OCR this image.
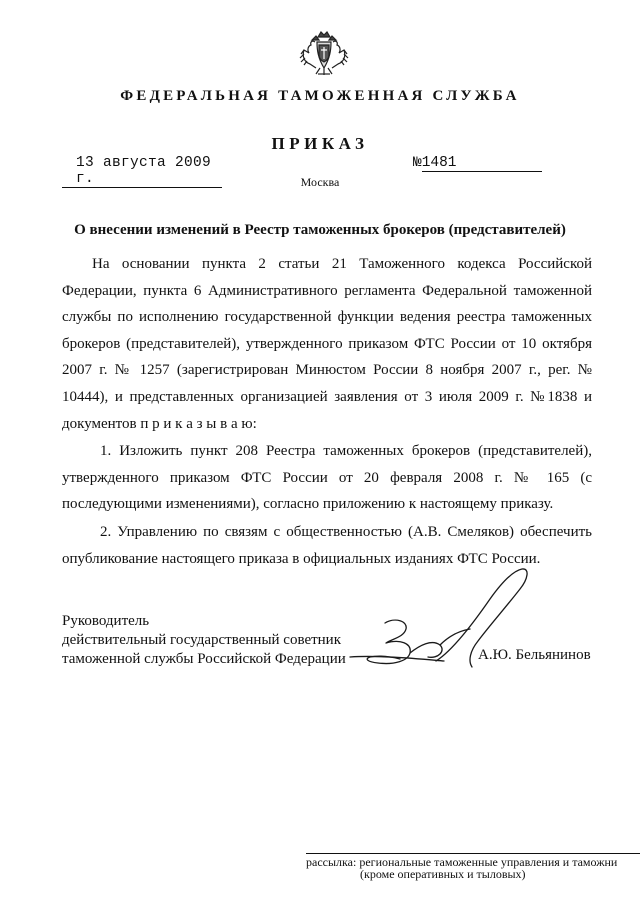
ФЕДЕРАЛЬНАЯ ТАМОЖЕННАЯ СЛУЖБА
ПРИКАЗ
13 августа 2009 г.
№1481
Москва
О внесении изменений в Реестр таможенных брокеров (представителей)

На основании пункта 2 статьи 21 Таможенного кодекса Российской Федерации, пункта 6 Административного регламента Федеральной таможенной службы по исполнению государственной функции ведения реестра таможенных брокеров (представителей), утвержденного приказом ФТС России от 10 октября 2007 г. № 1257 (зарегистрирован Минюстом России 8 ноября 2007 г., рег. № 10444), и представленных организацией заявления от 3 июля 2009 г. №1838 и документов п р и к а з ы в а ю:

1. Изложить пункт 208 Реестра таможенных брокеров (представителей), утвержденного приказом ФТС России от 20 февраля 2008 г. № 165 (с последующими изменениями), согласно приложению к настоящему приказу.

2. Управлению по связям с общественностью (А.В. Смеляков) обеспечить опубликование настоящего приказа в официальных изданиях ФТС России.

Руководитель
действительный государственный советник
таможенной службы Российской Федерации	А.Ю. Бельянинов
рассылка: региональные таможенные управления и таможни
(кроме оперативных и тыловых)
